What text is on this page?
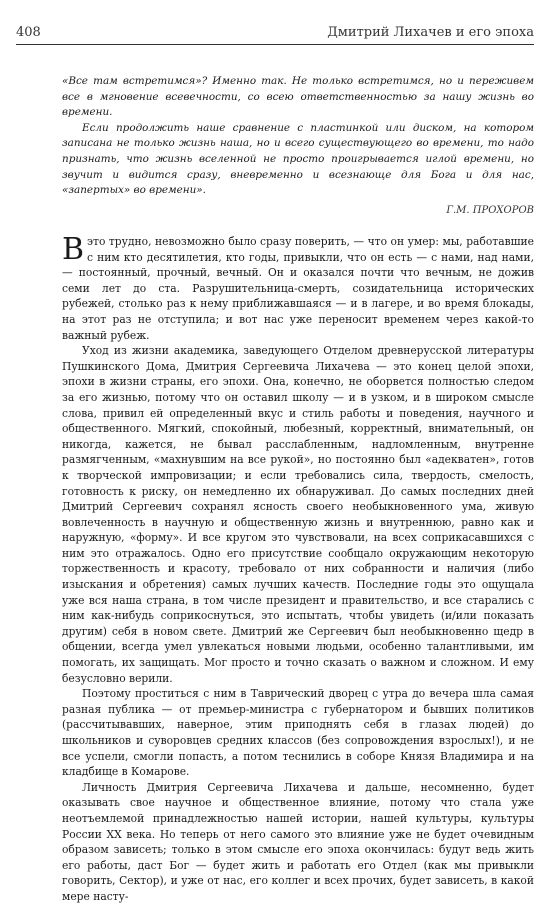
408	Дмитрий Лихачев и его эпоха

«Все там встретимся»? Именно так. Не только встретимся, но и переживем все в мгновение всевечности, со всею ответственностью за нашу жизнь во времени.

Если продолжить наше сравнение с пластинкой или диском, на котором записана не только жизнь наша, но и всего существующего во времени, то надо признать, что жизнь вселенной не просто проигрывается иглой времени, но звучит и видится сразу, вневременно и всезнающе для Бога и для нас, «запертых» во времени».

Г.М. ПРОХОРОВ

Вэто трудно, невозможно было сразу поверить, — что он умер: мы, работавшие с ним кто десятилетия, кто годы, привыкли, что он есть — с нами, над нами, — постоянный, прочный, вечный. Он и оказался почти что вечным, не дожив семи лет до ста. Разрушительница-смерть, созидательница исторических рубежей, столько раз к нему приближавшаяся — и в лагере, и во время блокады, на этот раз не отступила; и вот нас уже переносит временем через какой-то важный рубеж.

Уход из жизни академика, заведующего Отделом древнерусской литературы Пушкинского Дома, Дмитрия Сергеевича Лихачева — это конец целой эпохи, эпохи в жизни страны, его эпохи. Она, конечно, не оборвется полностью следом за его жизнью, потому что он оставил школу — и в узком, и в широком смысле слова, привил ей определенный вкус и стиль работы и поведения, научного и общественного. Мягкий, спокойный, любезный, корректный, внимательный, он никогда, кажется, не бывал расслабленным, надломленным, внутренне размягченным, «махнувшим на все рукой», но постоянно был «адекватен», готов к творческой импровизации; и если требовались сила, твердость, смелость, готовность к риску, он немедленно их обнаруживал. До самых последних дней Дмитрий Сергеевич сохранял ясность своего необыкновенного ума, живую вовлеченность в научную и общественную жизнь и внутреннюю, равно как и наружную, «форму». И все кругом это чувствовали, на всех соприкасавшихся с ним это отражалось. Одно его присутствие сообщало окружающим некоторую торжественность и красоту, требовало от них собранности и наличия (либо изыскания и обретения) самых лучших качеств. Последние годы это ощущала уже вся наша страна, в том числе президент и правительство, и все старались с ним как-нибудь соприкоснуться, это испытать, чтобы увидеть (и/или показать другим) себя в новом свете. Дмитрий же Сергеевич был необыкновенно щедр в общении, всегда умел увлекаться новыми людьми, особенно талантливыми, им помогать, их защищать. Мог просто и точно сказать о важном и сложном. И ему безусловно верили.

Поэтому проститься с ним в Таврический дворец с утра до вечера шла самая разная публика — от премьер-министра с губернатором и бывших политиков (рассчитывавших, наверное, этим приподнять себя в глазах людей) до школьников и суворовцев средних классов (без сопровождения взрослых!), и не все успели, смогли попасть, а потом теснились в соборе Князя Владимира и на кладбище в Комарове.

Личность Дмитрия Сергеевича Лихачева и дальше, несомненно, будет оказывать свое научное и общественное влияние, потому что стала уже неотъемлемой принадлежностью нашей истории, нашей культуры, культуры России XX века. Но теперь от него самого это влияние уже не будет очевидным образом зависеть; только в этом смысле его эпоха окончилась: будут ведь жить его работы, даст Бог — будет жить и работать его Отдел (как мы привыкли говорить, Сектор), и уже от нас, его коллег и всех прочих, будет зависеть, в какой мере насту-
